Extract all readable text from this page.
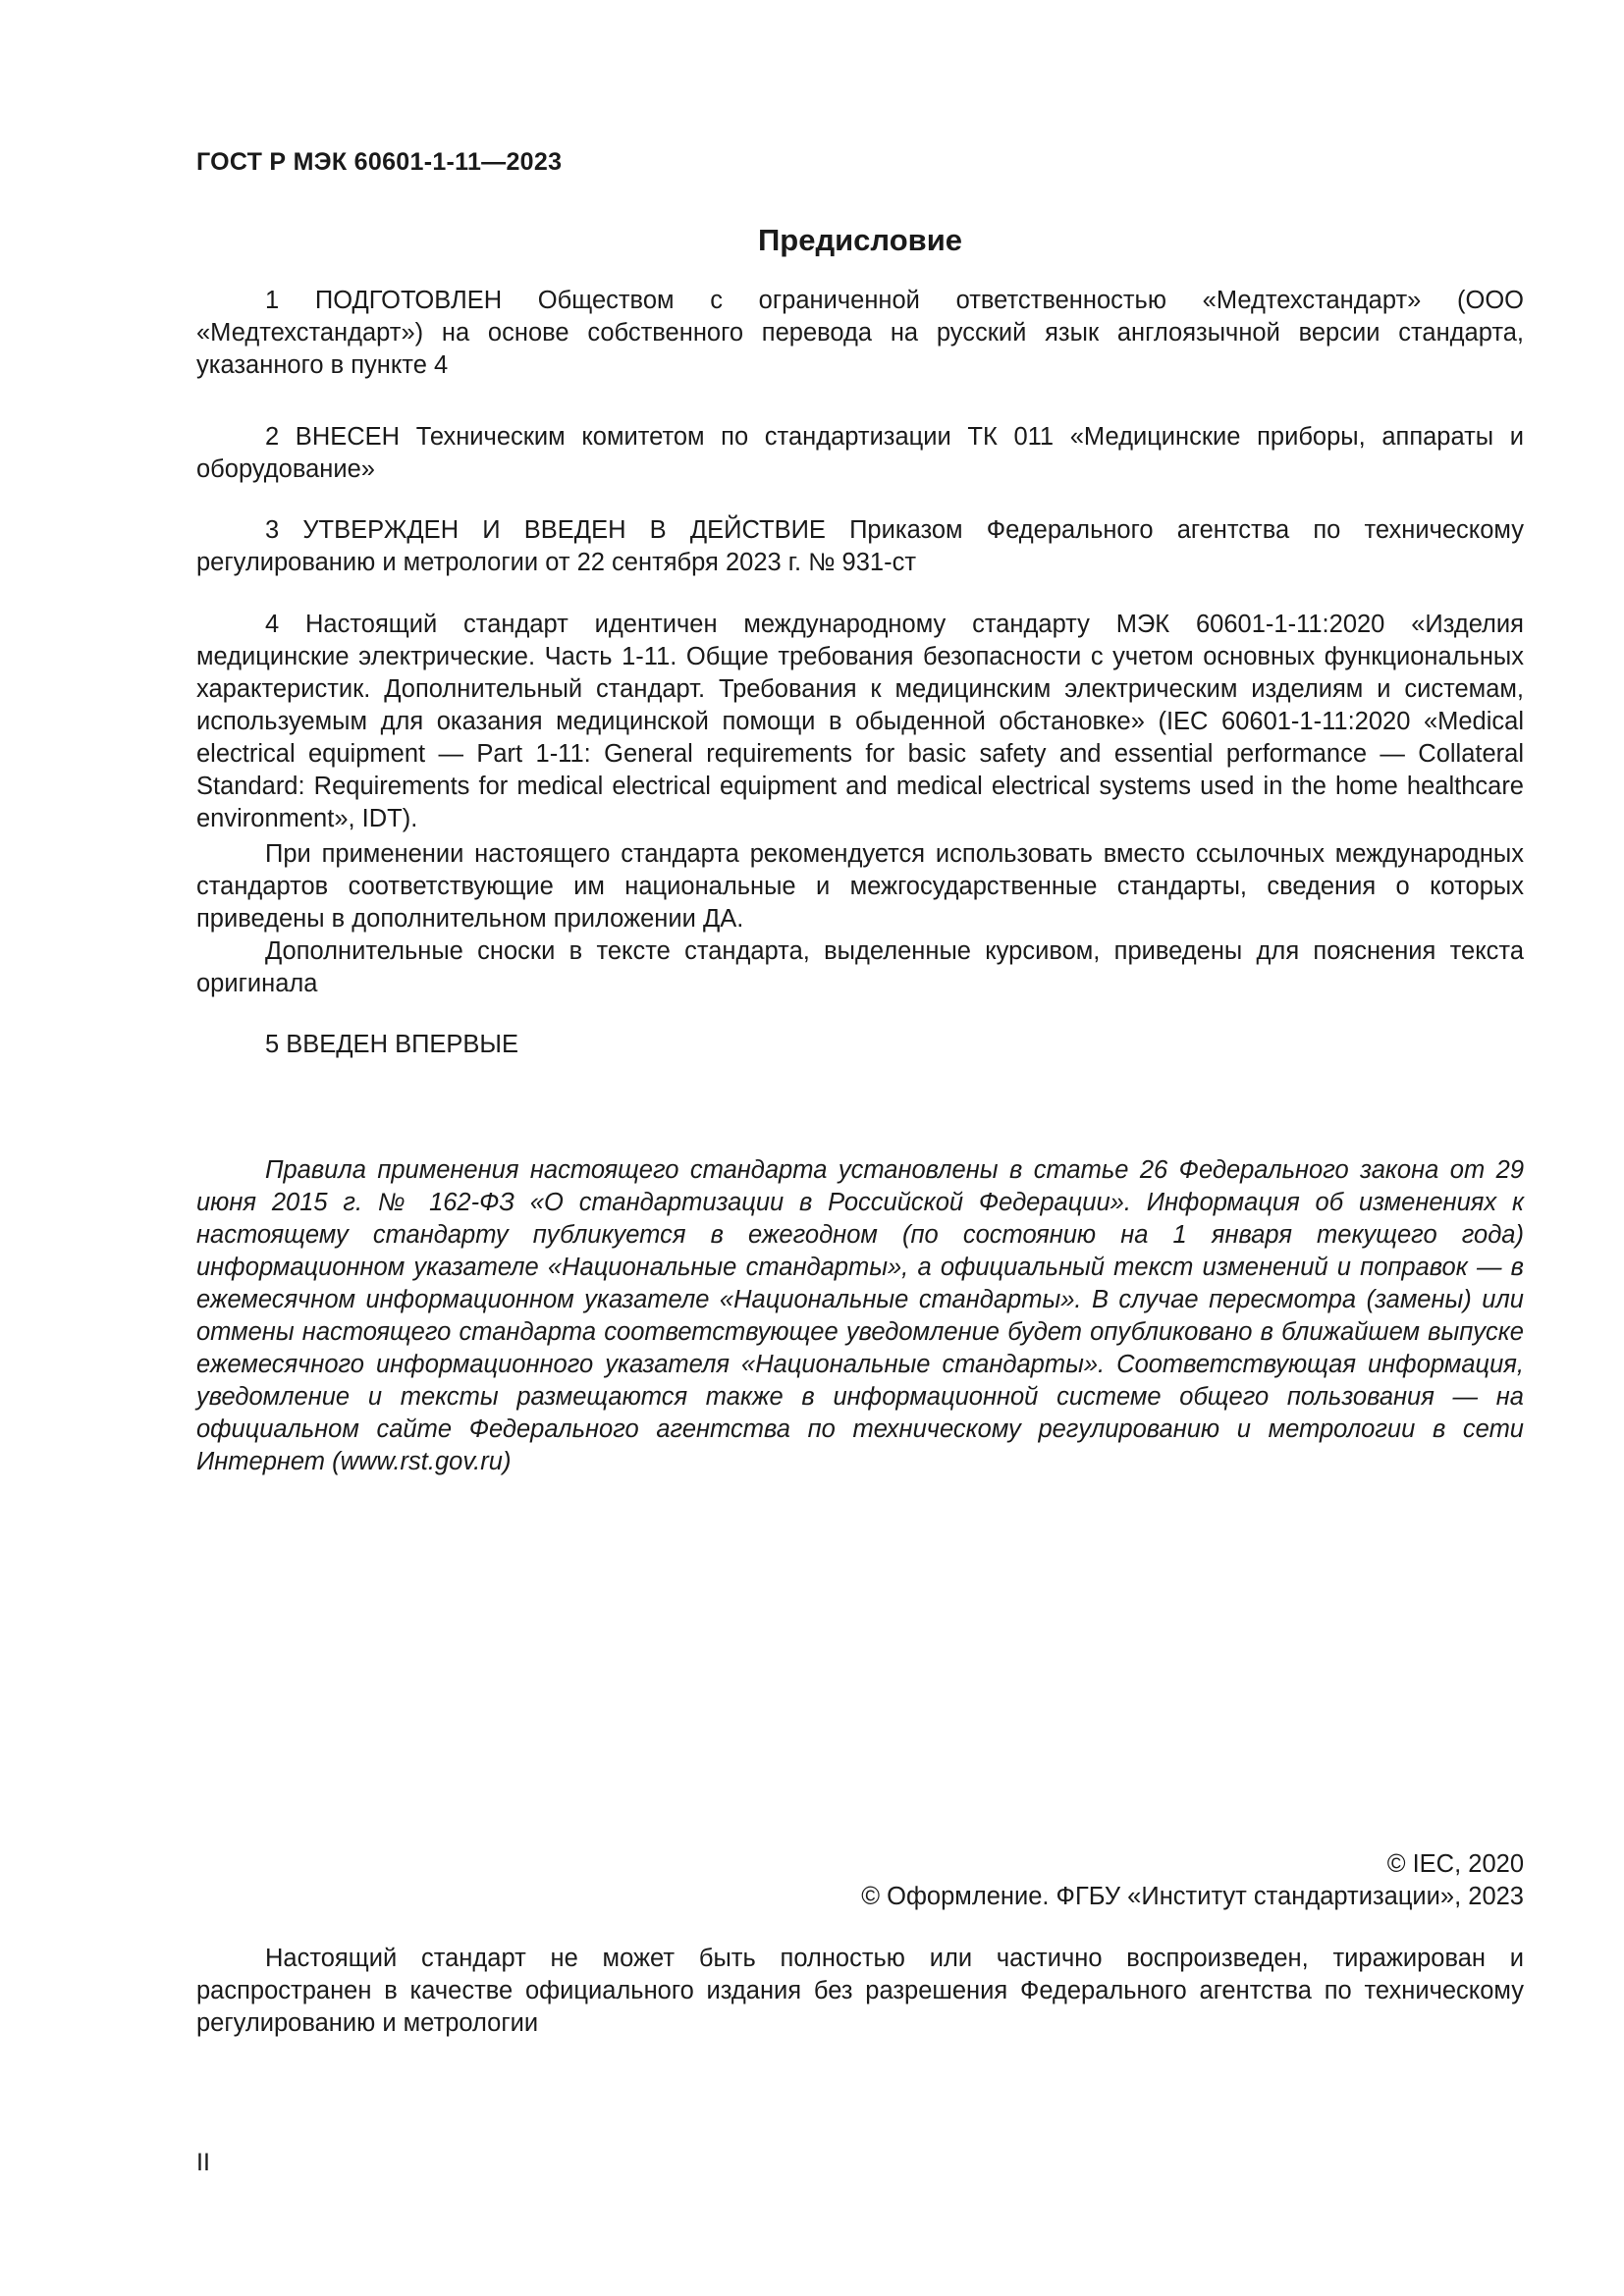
ГОСТ Р МЭК 60601-1-11—2023
Предисловие

1 ПОДГОТОВЛЕН Обществом с ограниченной ответственностью «Медтехстандарт» (ООО «Медтехстандарт») на основе собственного перевода на русский язык англоязычной версии стандарта, указанного в пункте 4

2 ВНЕСЕН Техническим комитетом по стандартизации ТК 011 «Медицинские приборы, аппараты и оборудование»

3 УТВЕРЖДЕН И ВВЕДЕН В ДЕЙСТВИЕ Приказом Федерального агентства по техническому регулированию и метрологии от 22 сентября 2023 г. № 931-ст

4 Настоящий стандарт идентичен международному стандарту МЭК 60601-1-11:2020 «Изделия медицинские электрические. Часть 1-11. Общие требования безопасности с учетом основных функциональных характеристик. Дополнительный стандарт. Требования к медицинским электрическим изделиям и системам, используемым для оказания медицинской помощи в обыденной обстановке» (IEC 60601-1-11:2020 «Medical electrical equipment — Part 1-11: General requirements for basic safety and essential performance — Collateral Standard: Requirements for medical electrical equipment and medical electrical systems used in the home healthcare environment», IDT).

При применении настоящего стандарта рекомендуется использовать вместо ссылочных международных стандартов соответствующие им национальные и межгосударственные стандарты, сведения о которых приведены в дополнительном приложении ДА.

Дополнительные сноски в тексте стандарта, выделенные курсивом, приведены для пояснения текста оригинала

5 ВВЕДЕН ВПЕРВЫЕ

Правила применения настоящего стандарта установлены в статье 26 Федерального закона от 29 июня 2015 г. № 162-ФЗ «О стандартизации в Российской Федерации». Информация об изменениях к настоящему стандарту публикуется в ежегодном (по состоянию на 1 января текущего года) информационном указателе «Национальные стандарты», а официальный текст изменений и поправок — в ежемесячном информационном указателе «Национальные стандарты». В случае пересмотра (замены) или отмены настоящего стандарта соответствующее уведомление будет опубликовано в ближайшем выпуске ежемесячного информационного указателя «Национальные стандарты». Соответствующая информация, уведомление и тексты размещаются также в информационной системе общего пользования — на официальном сайте Федерального агентства по техническому регулированию и метрологии в сети Интернет (www.rst.gov.ru)

© IEC, 2020
© Оформление. ФГБУ «Институт стандартизации», 2023

Настоящий стандарт не может быть полностью или частично воспроизведен, тиражирован и распространен в качестве официального издания без разрешения Федерального агентства по техническому регулированию и метрологии

II
